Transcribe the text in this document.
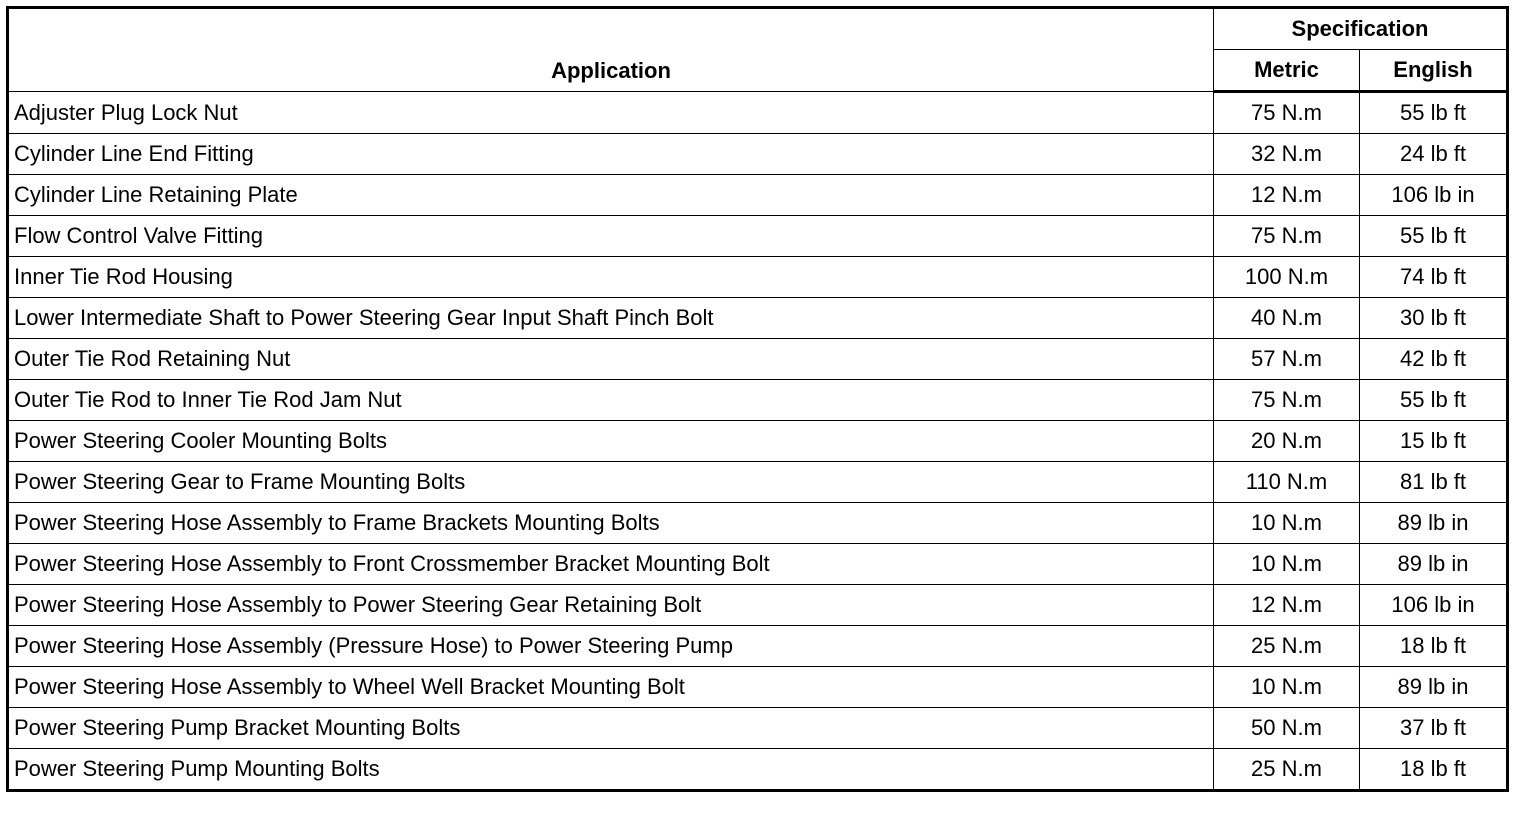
Application	Specification	
	Metric	English
Adjuster Plug Lock Nut	75 N.m	55 lb ft
Cylinder Line End Fitting	32 N.m	24 lb ft
Cylinder Line Retaining Plate	12 N.m	106 lb in
Flow Control Valve Fitting	75 N.m	55 lb ft
Inner Tie Rod Housing	100 N.m	74 lb ft
Lower Intermediate Shaft to Power Steering Gear Input Shaft Pinch Bolt	40 N.m	30 lb ft
Outer Tie Rod Retaining Nut	57 N.m	42 lb ft
Outer Tie Rod to Inner Tie Rod Jam Nut	75 N.m	55 lb ft
Power Steering Cooler Mounting Bolts	20 N.m	15 lb ft
Power Steering Gear to Frame Mounting Bolts	110 N.m	81 lb ft
Power Steering Hose Assembly to Frame Brackets Mounting Bolts	10 N.m	89 lb in
Power Steering Hose Assembly to Front Crossmember Bracket Mounting Bolt	10 N.m	89 lb in
Power Steering Hose Assembly to Power Steering Gear Retaining Bolt	12 N.m	106 lb in
Power Steering Hose Assembly (Pressure Hose) to Power Steering Pump	25 N.m	18 lb ft
Power Steering Hose Assembly to Wheel Well Bracket Mounting Bolt	10 N.m	89 lb in
Power Steering Pump Bracket Mounting Bolts	50 N.m	37 lb ft
Power Steering Pump Mounting Bolts	25 N.m	18 lb ft
